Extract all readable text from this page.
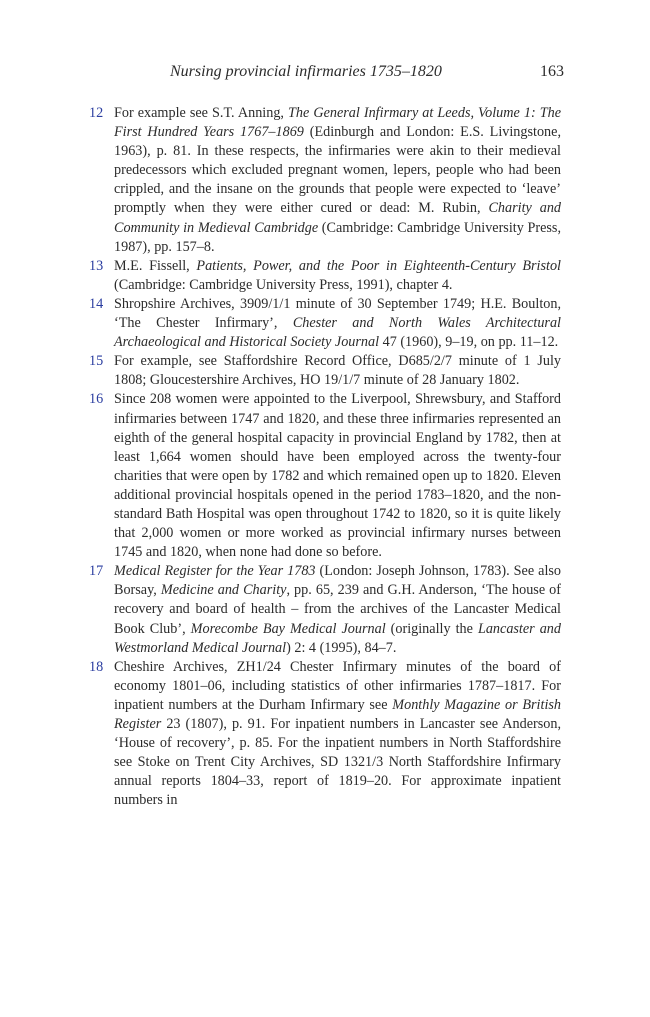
Nursing provincial infirmaries 1735–1820	163
12 For example see S.T. Anning, The General Infirmary at Leeds, Volume 1: The First Hundred Years 1767–1869 (Edinburgh and London: E.S. Livingstone, 1963), p. 81. In these respects, the infirmaries were akin to their medieval predecessors which excluded pregnant women, lepers, people who had been crippled, and the insane on the grounds that people were expected to ‘leave’ promptly when they were either cured or dead: M. Rubin, Charity and Community in Medieval Cambridge (Cambridge: Cambridge University Press, 1987), pp. 157–8.
13 M.E. Fissell, Patients, Power, and the Poor in Eighteenth-Century Bristol (Cambridge: Cambridge University Press, 1991), chapter 4.
14 Shropshire Archives, 3909/1/1 minute of 30 September 1749; H.E. Boulton, ‘The Chester Infirmary’, Chester and North Wales Architectural Archaeological and Historical Society Journal 47 (1960), 9–19, on pp. 11–12.
15 For example, see Staffordshire Record Office, D685/2/7 minute of 1 July 1808; Gloucestershire Archives, HO 19/1/7 minute of 28 January 1802.
16 Since 208 women were appointed to the Liverpool, Shrewsbury, and Stafford infirmaries between 1747 and 1820, and these three infirmaries represented an eighth of the general hospital capacity in provincial England by 1782, then at least 1,664 women should have been employed across the twenty-four charities that were open by 1782 and which remained open up to 1820. Eleven additional provincial hospitals opened in the period 1783–1820, and the non-standard Bath Hospital was open throughout 1742 to 1820, so it is quite likely that 2,000 women or more worked as provincial infirmary nurses between 1745 and 1820, when none had done so before.
17 Medical Register for the Year 1783 (London: Joseph Johnson, 1783). See also Borsay, Medicine and Charity, pp. 65, 239 and G.H. Anderson, ‘The house of recovery and board of health – from the archives of the Lancaster Medical Book Club’, Morecombe Bay Medical Journal (originally the Lancaster and Westmorland Medical Journal) 2: 4 (1995), 84–7.
18 Cheshire Archives, ZH1/24 Chester Infirmary minutes of the board of economy 1801–06, including statistics of other infirmaries 1787–1817. For inpatient numbers at the Durham Infirmary see Monthly Magazine or British Register 23 (1807), p. 91. For inpatient numbers in Lancaster see Anderson, ‘House of recovery’, p. 85. For the inpatient numbers in North Staffordshire see Stoke on Trent City Archives, SD 1321/3 North Staffordshire Infirmary annual reports 1804–33, report of 1819–20. For approximate inpatient numbers in
